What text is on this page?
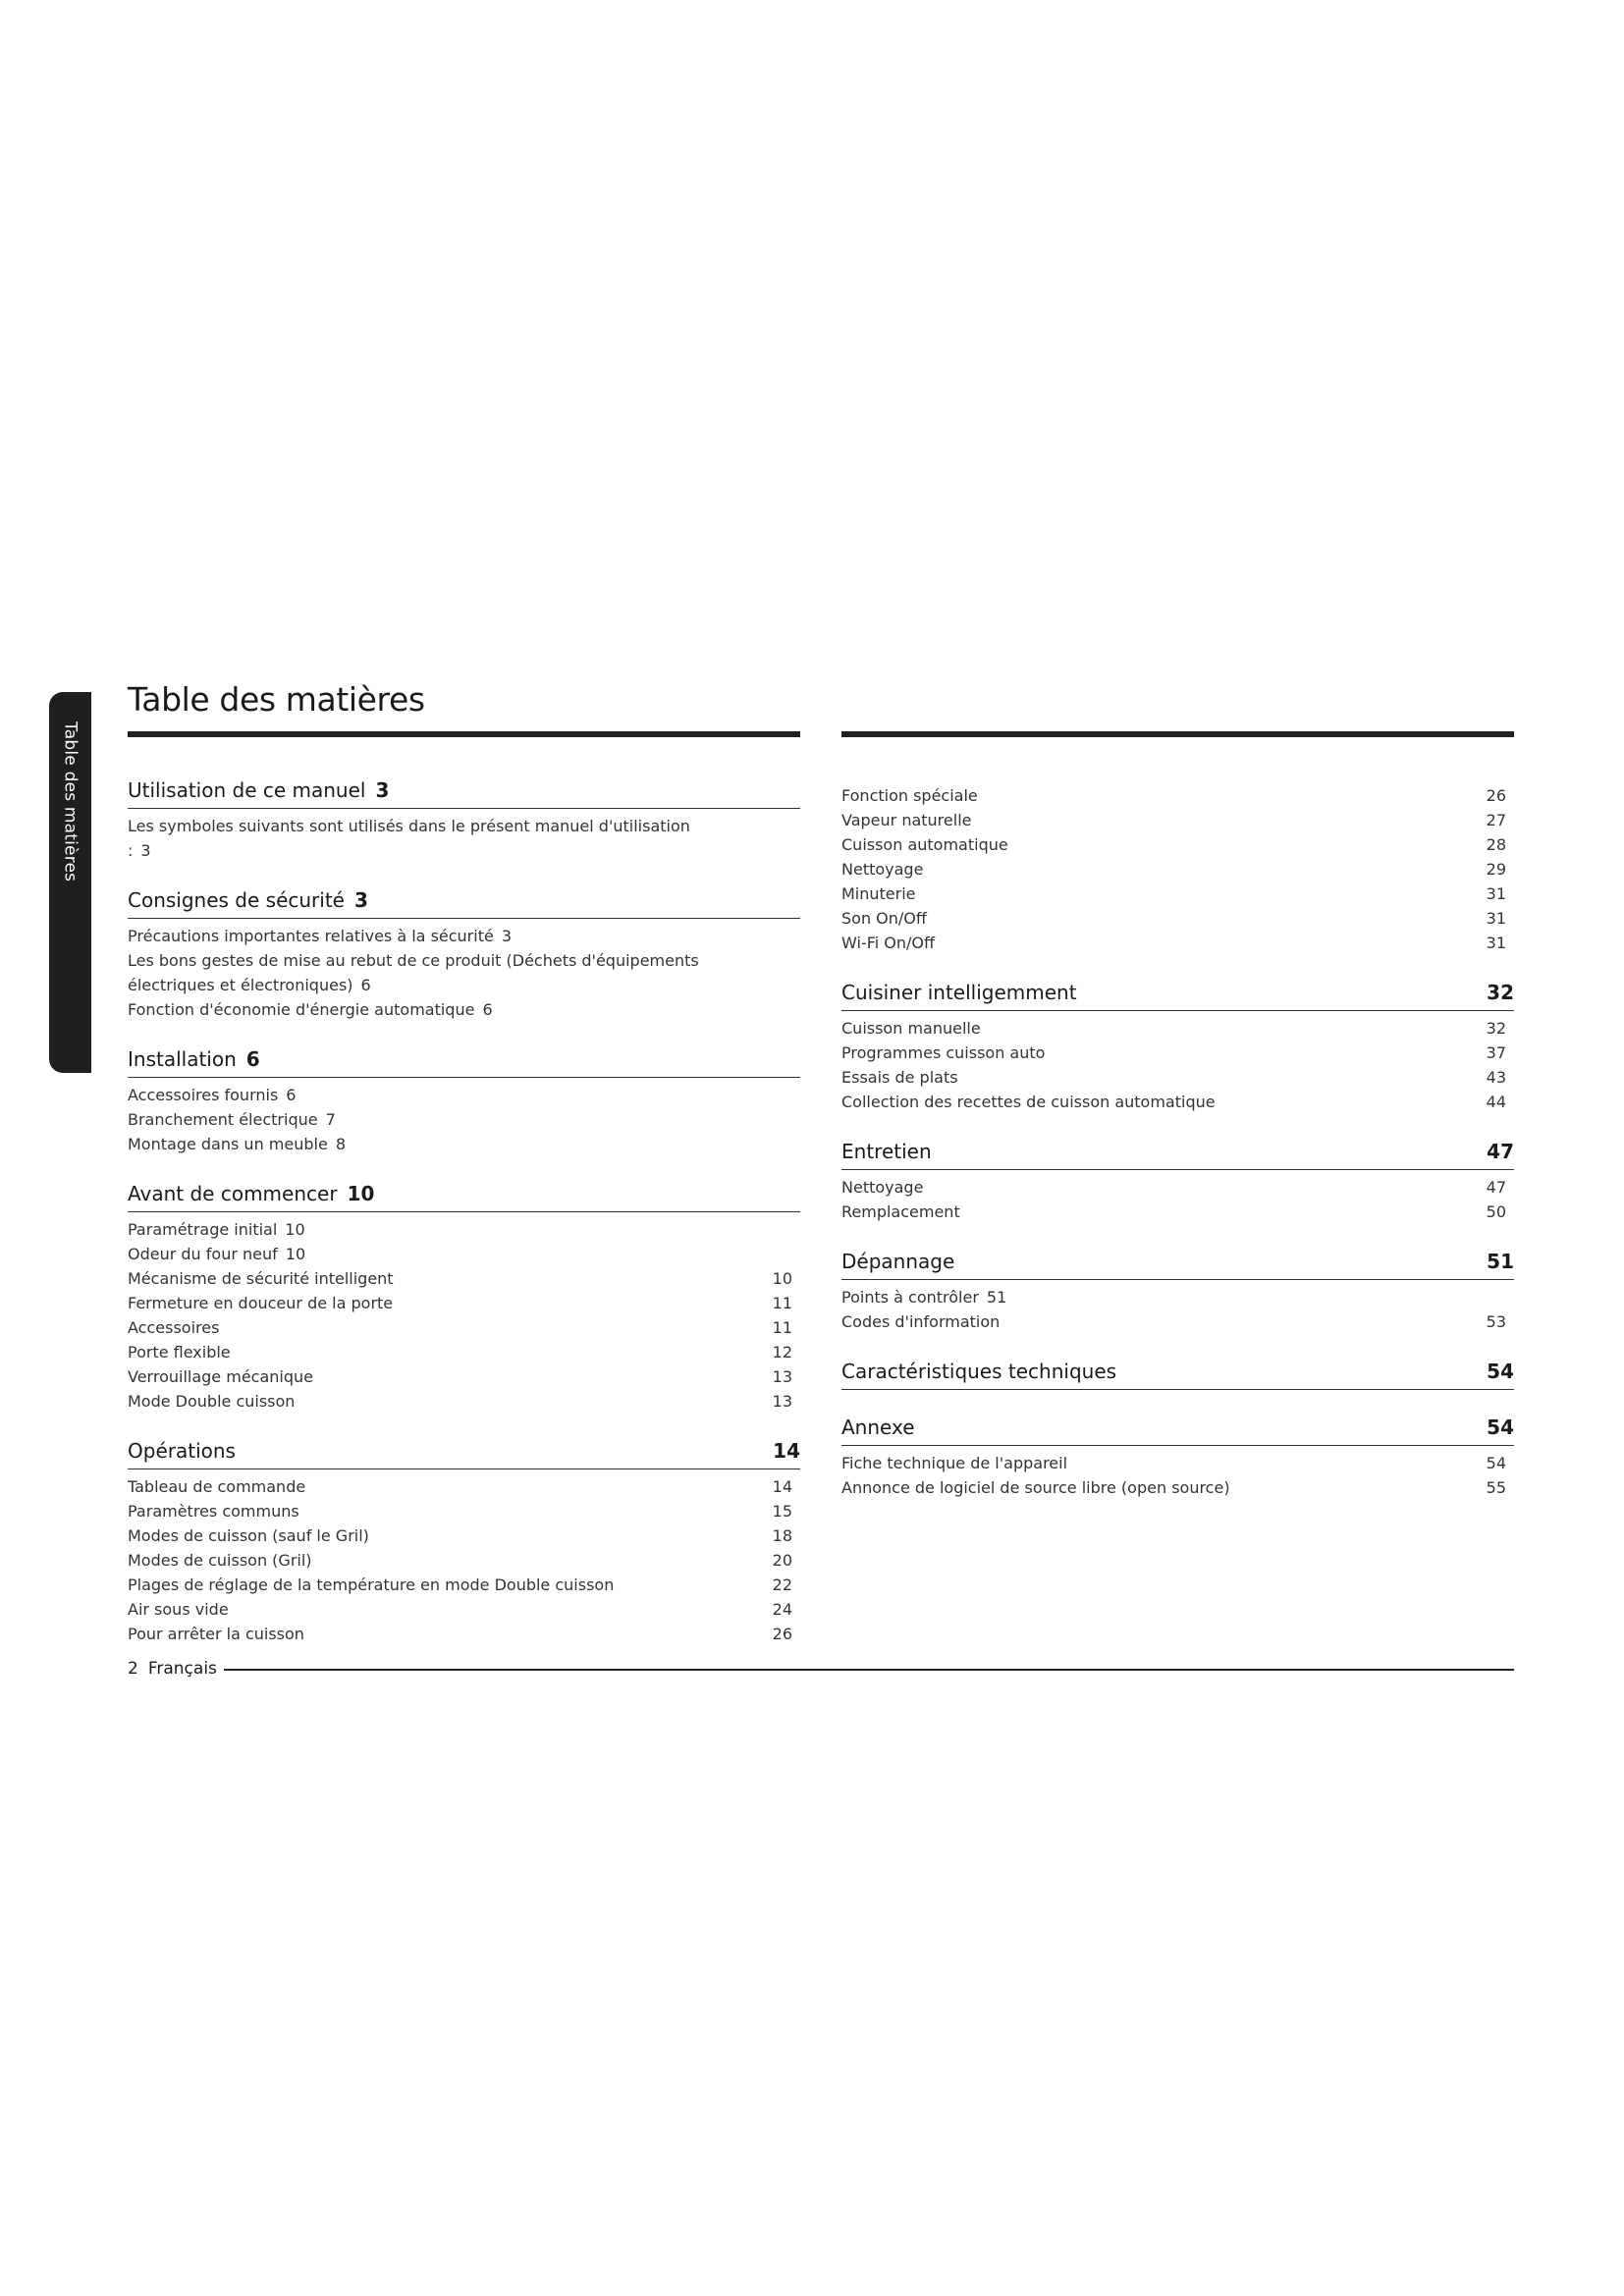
Table des matières
Table des matières
Utilisation de ce manuel 3
Les symboles suivants sont utilisés dans le présent manuel d'utilisation : 3
Consignes de sécurité 3
Précautions importantes relatives à la sécurité 3
Les bons gestes de mise au rebut de ce produit (Déchets d'équipements électriques et électroniques) 6
Fonction d'économie d'énergie automatique 6
Installation 6
Accessoires fournis 6
Branchement électrique 7
Montage dans un meuble 8
Avant de commencer 10
Paramétrage initial 10
Odeur du four neuf 10
Mécanisme de sécurité intelligent	10
Fermeture en douceur de la porte	11
Accessoires	11
Porte flexible	12
Verrouillage mécanique	13
Mode Double cuisson	13
Opérations	14
Tableau de commande	14
Paramètres communs	15
Modes de cuisson (sauf le Gril)	18
Modes de cuisson (Gril)	20
Plages de réglage de la température en mode Double cuisson	22
Air sous vide	24
Pour arrêter la cuisson	26
Fonction spéciale	26
Vapeur naturelle	27
Cuisson automatique	28
Nettoyage	29
Minuterie	31
Son On/Off	31
Wi-Fi On/Off	31
Cuisiner intelligemment	32
Cuisson manuelle	32
Programmes cuisson auto	37
Essais de plats	43
Collection des recettes de cuisson automatique	44
Entretien	47
Nettoyage	47
Remplacement	50
Dépannage	51
Points à contrôler 51
Codes d'information	53
Caractéristiques techniques	54
Annexe	54
Fiche technique de l'appareil	54
Annonce de logiciel de source libre (open source)	55
2 Français
